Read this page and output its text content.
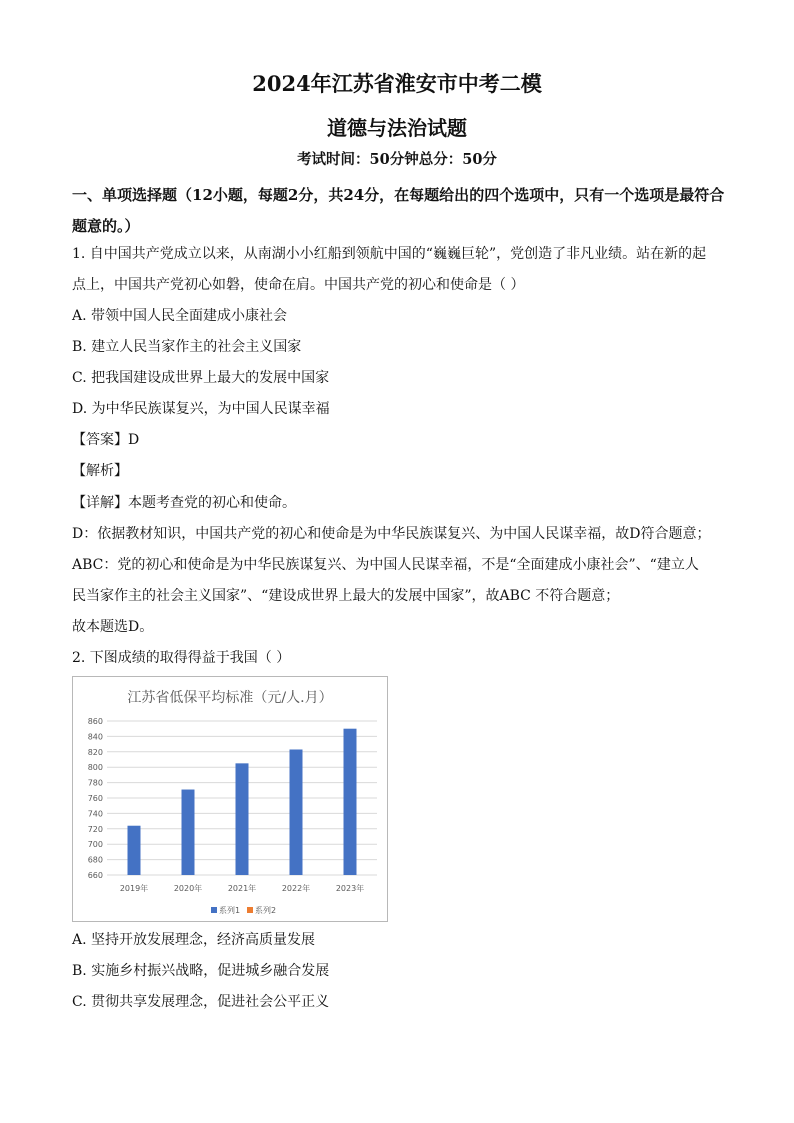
2024年江苏省淮安市中考二模
道德与法治试题
考试时间：50分钟总分：50分
一、单项选择题（12小题，每题2分，共24分，在每题给出的四个选项中，只有一个选项是最符合题意的。）
1. 自中国共产党成立以来，从南湖小小红船到领航中国的“巍巍巨轮”，党创造了非凡业绩。站在新的起
点上，中国共产党初心如磐，使命在肩。中国共产党的初心和使命是（ ）
A. 带领中国人民全面建成小康社会
B. 建立人民当家作主的社会主义国家
C. 把我国建设成世界上最大的发展中国家
D. 为中华民族谋复兴，为中国人民谋幸福
【答案】D
【解析】
【详解】本题考查党的初心和使命。
D：依据教材知识，中国共产党的初心和使命是为中华民族谋复兴、为中国人民谋幸福，故D符合题意；
ABC：党的初心和使命是为中华民族谋复兴、为中国人民谋幸福，不是“全面建成小康社会”、“建立人
民当家作主的社会主义国家”、“建设成世界上最大的发展中国家”，故ABC 不符合题意；
故本题选D。
2. 下图成绩的取得得益于我国（ ）
江苏省低保平均标准（元/人.月）
660
680
700
720
740
760
780
800
820
840
860
2019年	2020年	2021年	2022年	2023年
系列1 系列2
A. 坚持开放发展理念，经济高质量发展
B. 实施乡村振兴战略，促进城乡融合发展
C. 贯彻共享发展理念，促进社会公平正义
